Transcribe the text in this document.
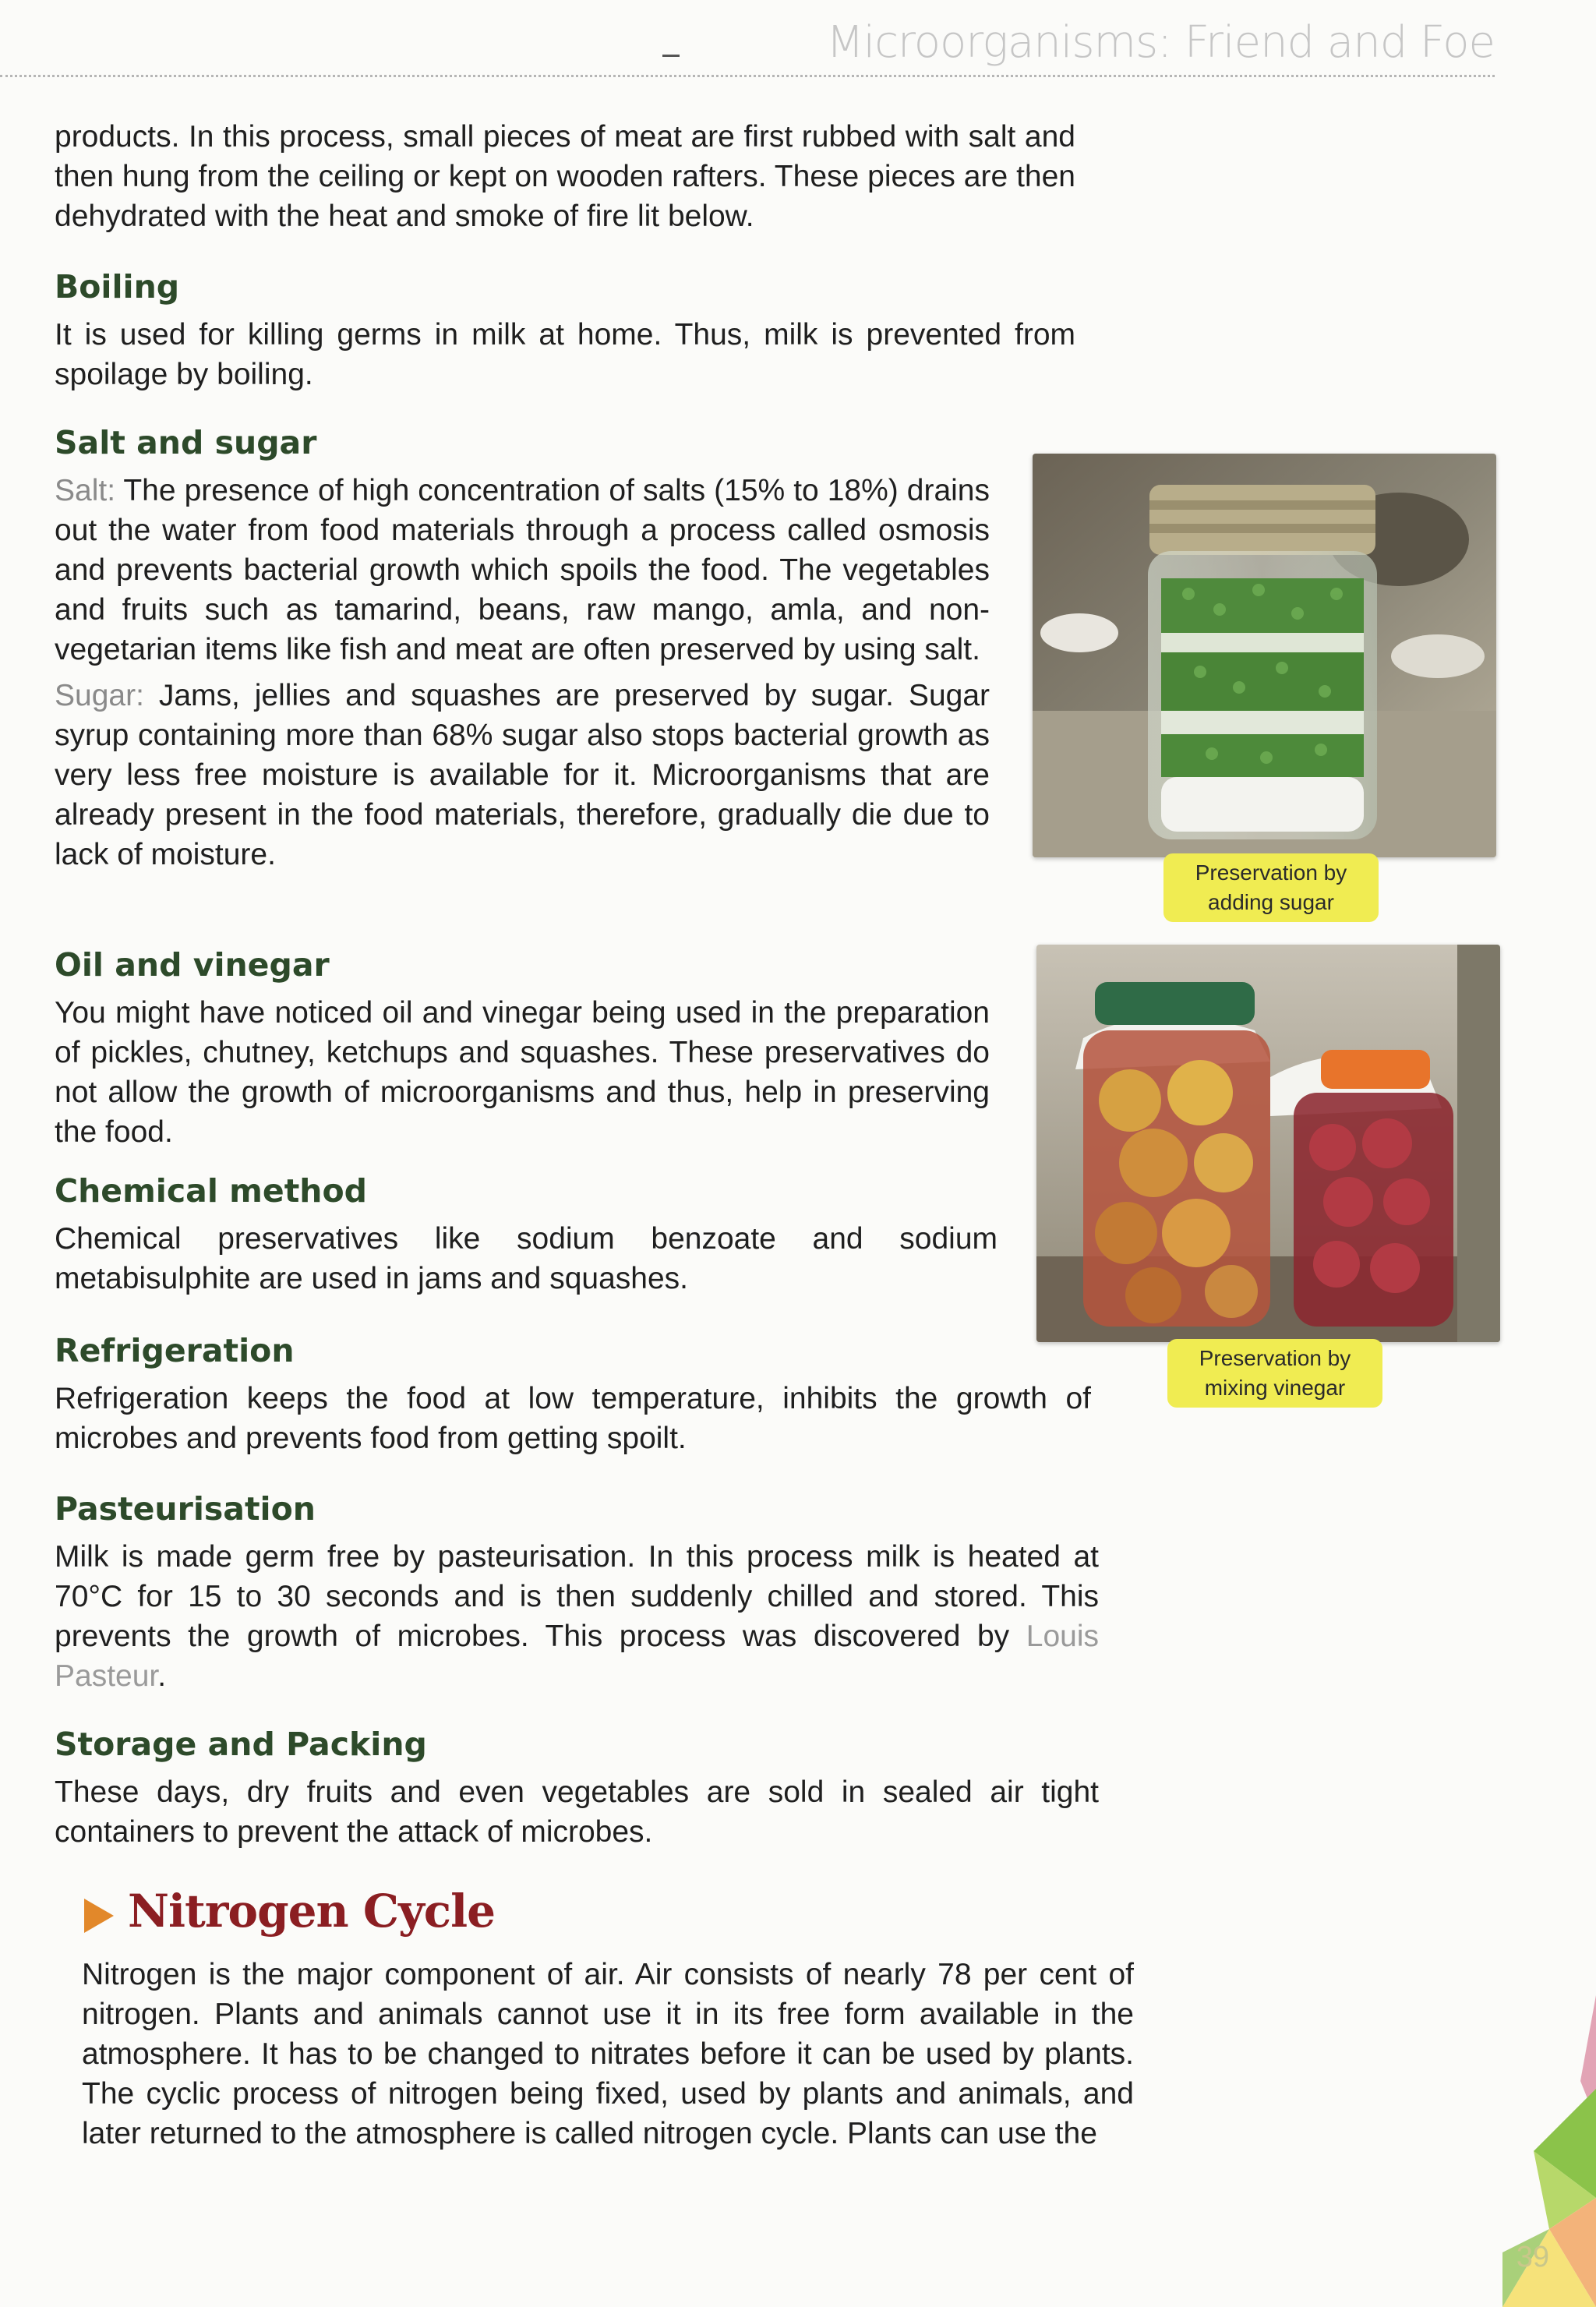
Microorganisms: Friend and Foe

products. In this process, small pieces of meat are first rubbed with salt and then hung from the ceiling or kept on wooden rafters. These pieces are then dehydrated with the heat and smoke of fire lit below.

Boiling

It is used for killing germs in milk at home. Thus, milk is prevented from spoilage by boiling.

Salt and sugar

Salt: The presence of high concentration of salts (15% to 18%) drains out the water from food materials through a process called osmosis and prevents bacterial growth which spoils the food. The vegetables and fruits such as tamarind, beans, raw mango, amla, and non-vegetarian items like fish and meat are often preserved by using salt.

Sugar: Jams, jellies and squashes are preserved by sugar. Sugar syrup containing more than 68% sugar also stops bacterial growth as very less free moisture is available for it. Microorganisms that are already present in the food materials, therefore, gradually die due to lack of moisture.

Oil and vinegar

You might have noticed oil and vinegar being used in the preparation of pickles, chutney, ketchups and squashes. These preservatives do not allow the growth of microorganisms and thus, help in preserving the food.

Chemical method

Chemical preservatives like sodium benzoate and sodium metabisulphite are used in jams and squashes.

Refrigeration

Refrigeration keeps the food at low temperature, inhibits the growth of microbes and prevents food from getting spoilt.

Pasteurisation

Milk is made germ free by pasteurisation. In this process milk is heated at 70°C for 15 to 30 seconds and is then suddenly chilled and stored. This prevents the growth of microbes. This process was discovered by Louis Pasteur.

Storage and Packing

These days, dry fruits and even vegetables are sold in sealed air tight containers to prevent the attack of microbes.

Nitrogen Cycle

Nitrogen is the major component of air. Air consists of nearly 78 per cent of nitrogen. Plants and animals cannot use it in its free form available in the atmosphere. It has to be changed to nitrates before it can be used by plants. The cyclic process of nitrogen being fixed, used by plants and animals, and later returned to the atmosphere is called nitrogen cycle. Plants can use the

Preservation by adding sugar
Preservation by mixing vinegar
39
